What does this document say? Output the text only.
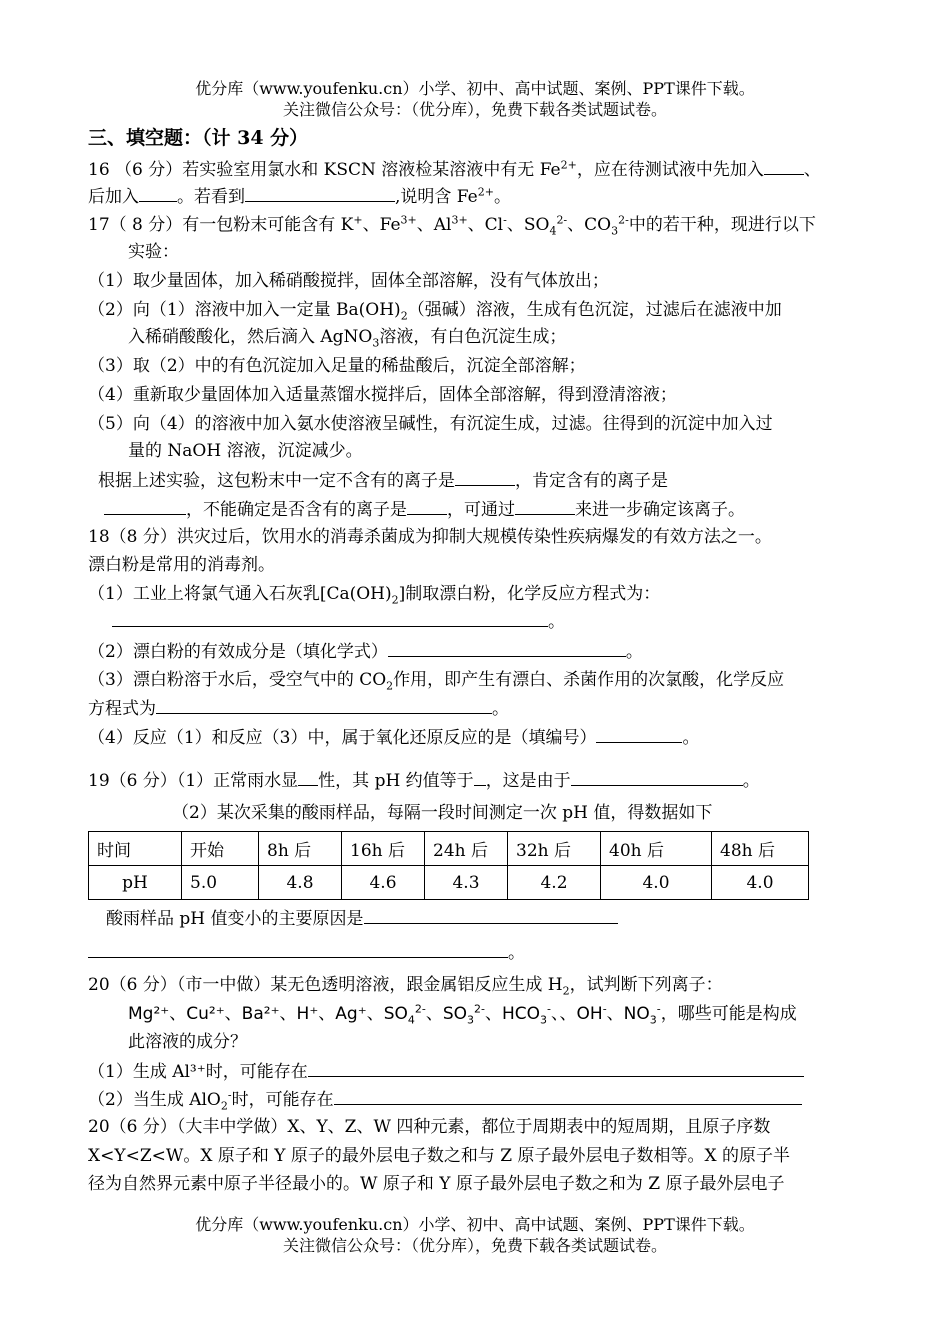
优分库（www.youfenku.cn）小学、初中、高中试题、案例、PPT课件下载。
关注微信公众号：（优分库），免费下载各类试题试卷。
三、填空题：（计 34 分）
16 （6 分）若实验室用氯水和 KSCN 溶液检某溶液中有无 $Fe^{2+}$，应在待测试液中先加入 、
后加入 。若看到	,说明含 $Fe^{2+}$。
17（ 8 分）有一包粉末可能含有 K+、$Fe^{3+}$、$Al^{3+}$、Cl-、$SO_4^{2-}$、$CO_3^{2-}$中的若干种，现进行以下
实验：
（1）取少量固体，加入稀硝酸搅拌，固体全部溶解，没有气体放出；
（2）向（1）溶液中加入一定量 $Ba(OH)_2$（强碱）溶液，生成有色沉淀，过滤后在滤液中加
入稀硝酸酸化，然后滴入 AgNO$_3$溶液，有白色沉淀生成；
（3）取（2）中的有色沉淀加入足量的稀盐酸后，沉淀全部溶解；
（4）重新取少量固体加入适量蒸馏水搅拌后，固体全部溶解，得到澄清溶液；
（5）向（4）的溶液中加入氨水使溶液呈碱性，有沉淀生成，过滤。往得到的沉淀中加入过
量的 NaOH 溶液，沉淀减少。
根据上述实验，这包粉末中一定不含有的离子是	，肯定含有的离子是
，不能确定是否含有的离子是 ，可通过	来进一步确定该离子。
18（8 分）洪灾过后，饮用水的消毒杀菌成为抑制大规模传染性疾病爆发的有效方法之一。
漂白粉是常用的消毒剂。
（1）工业上将氯气通入石灰乳$[Ca(OH)_2]$制取漂白粉，化学反应方程式为：
。
（2）漂白粉的有效成分是（填化学式）	。
（3）漂白粉溶于水后，受空气中的 $CO_2$作用，即产生有漂白、杀菌作用的次氯酸，化学反应
方程式为	。
（4）反应（1）和反应（3）中，属于氧化还原反应的是（填编号）	。
19（6 分）（1）正常雨水显 性，其 pH 约值等于 ，这是由于	。
（2）某次采集的酸雨样品，每隔一段时间测定一次 pH 值，得数据如下
时间	开始	8h 后	16h 后	24h 后	32h 后	40h 后	48h 后
pH	5.0	4.8	4.6	4.3	4.2	4.0	4.0
酸雨样品 pH 值变小的主要原因是
。
20（6 分）（市一中做）某无色透明溶液，跟金属铝反应生成 $H_2$，试判断下列离子：
Mg²⁺、Cu²⁺、Ba²⁺、H⁺、Ag⁺、$SO_4^{2-}$、$SO_3^{2-}$、$HCO_3^-$、、OH-、$NO_3^-$，哪些可能是构成
此溶液的成分？
（1）生成 Al³⁺时，可能存在
（2）当生成 AlO$_2$-时，可能存在
20（6 分）（大丰中学做）X、Y、Z、W 四种元素，都位于周期表中的短周期，且原子序数
X<Y<Z<W。X 原子和 Y 原子的最外层电子数之和与 Z 原子最外层电子数相等。X 的原子半
径为自然界元素中原子半径最小的。W 原子和 Y 原子最外层电子数之和为 Z 原子最外层电子
优分库（www.youfenku.cn）小学、初中、高中试题、案例、PPT课件下载。
关注微信公众号：（优分库），免费下载各类试题试卷。
